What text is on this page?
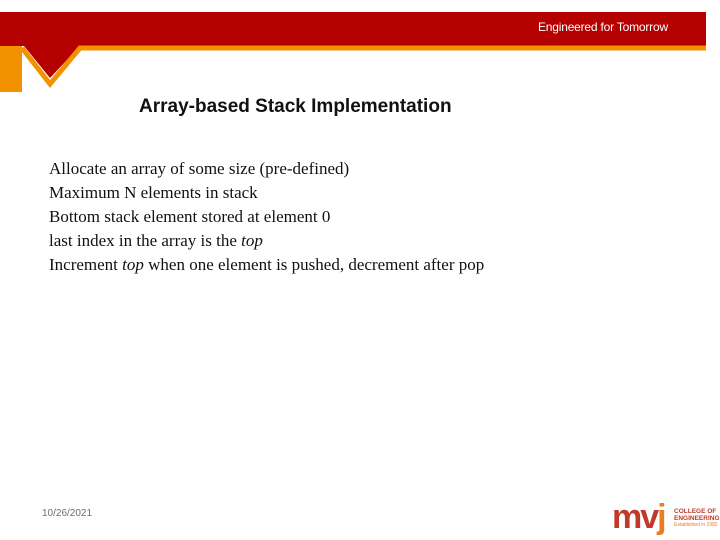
Engineered for Tomorrow
Array-based Stack Implementation
Allocate an array of some size (pre-defined)
Maximum N elements in stack
Bottom stack element stored at element 0
last index in the array is the top
Increment top when one element is pushed, decrement after pop
10/26/2021	mvj COLLEGE OF
ENGINEERING
Established in 1982
